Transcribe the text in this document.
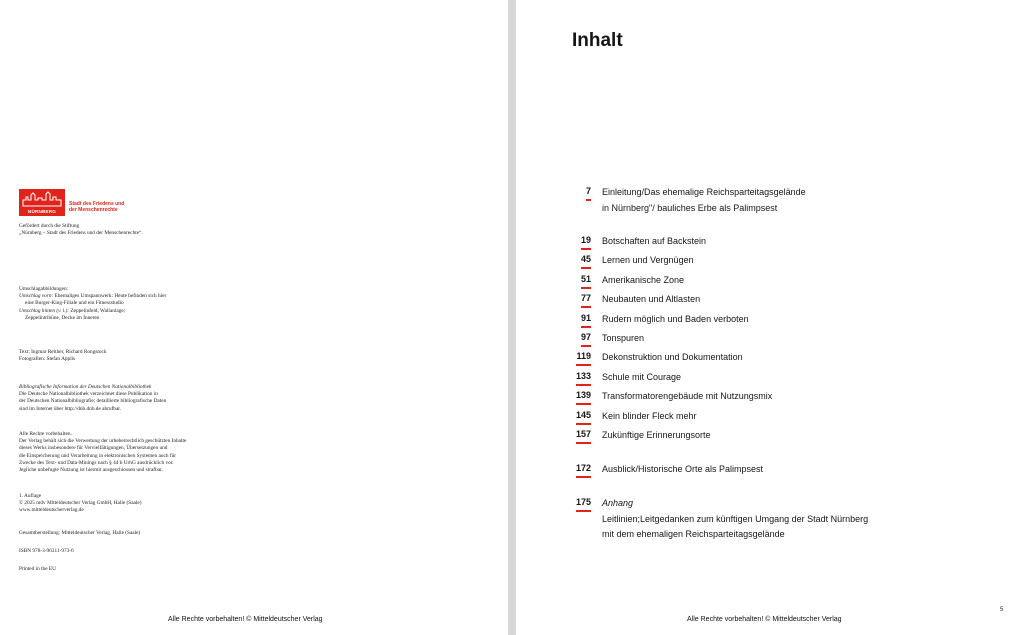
NÜRNBERG
Stadt des Friedens und
der Menschenrechte

Gefördert durch die Stiftung

„Nürnberg – Stadt des Friedens und der Menschenrechte“.

Umschlagabbildungen:

Umschlag vorn: Ehemaliges Umspannwerk: Heute befinden sich hier

eine Burger-King-Filiale und ein Fitnessstudio

Umschlag hinten (v. l.): Zeppelinfeld, Wallanlage;

Zeppelintribüne, Decke im Inneren

Text: Ingmar Reither, Richard Rongstock

Fotografien: Stefan Applis

Bibliografische Information der Deutschen Nationalbibliothek

Die Deutsche Nationalbibliothek verzeichnet diese Publikation in

der Deutschen Nationalbibliografie; detaillierte bibliografische Daten

sind im Internet über http://dnb.dnb.de abrufbar.

Alle Rechte vorbehalten.

Der Verlag behält sich die Verwertung der urheberrechtlich geschützten Inhalte

dieses Werks insbesondere für Vervielfältigungen, Übersetzungen und

die Einspeicherung und Verarbeitung in elektronischen Systemen auch für

Zwecke des Text- und Data-Minings nach § 44 b UrhG ausdrücklich vor.

Jegliche unbefugte Nutzung ist hiermit ausgeschlossen und strafbar.

1. Auflage

© 2025 mdv Mitteldeutscher Verlag GmbH, Halle (Saale)

www.mitteldeutscherverlag.de

Gesamtherstellung: Mitteldeutscher Verlag, Halle (Saale)

ISBN 978-3-96311-973-6

Printed in the EU

Alle Rechte vorbehalten! © Mitteldeutscher Verlag
Inhalt
7 Einleitung/Das ehemalige Reichsparteitagsgelände
in Nürnberg"/ bauliches Erbe als Palimpsest
19 Botschaften auf Backstein
45 Lernen und Vergnügen
51 Amerikanische Zone
77 Neubauten und Altlasten
91 Rudern möglich und Baden verboten
97 Tonspuren
119 Dekonstruktion und Dokumentation
133 Schule mit Courage
139 Transformatorengebäude mit Nutzungsmix
145 Kein blinder Fleck mehr
157 Zukünftige Erinnerungsorte
172 Ausblick/Historische Orte als Palimpsest
175 Anhang
Leitlinien;Leitgedanken zum künftigen Umgang der Stadt Nürnberg
mit dem ehemaligen Reichsparteitagsgelände
5
Alle Rechte vorbehalten! © Mitteldeutscher Verlag
